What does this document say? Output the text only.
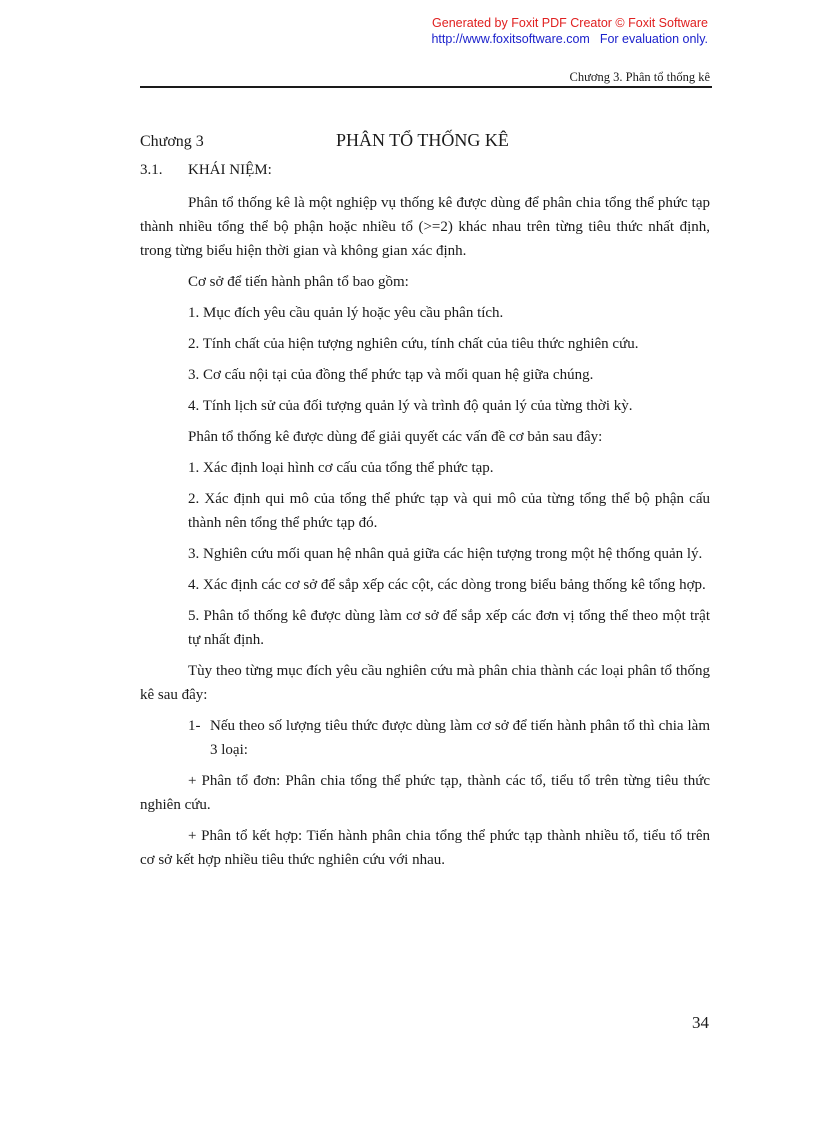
Generated by Foxit PDF Creator © Foxit Software
http://www.foxitsoftware.com For evaluation only.
Chương 3. Phân tổ thống kê
Chương 3	PHÂN TỔ THỐNG KÊ
3.1.	KHÁI NIỆM:

Phân tổ thống kê là một nghiệp vụ thống kê được dùng để phân chia tổng thể phức tạp thành nhiều tổng thể bộ phận hoặc nhiều tổ (>=2) khác nhau trên từng tiêu thức nhất định, trong từng biểu hiện thời gian và không gian xác định.

Cơ sở để tiến hành phân tổ bao gồm:

1. Mục đích yêu cầu quản lý hoặc yêu cầu phân tích.

2. Tính chất của hiện tượng nghiên cứu, tính chất của tiêu thức nghiên cứu.

3. Cơ cấu nội tại của đồng thể phức tạp và mối quan hệ giữa chúng.

4. Tính lịch sử của đối tượng quản lý và trình độ quản lý của từng thời kỳ.

Phân tổ thống kê được dùng để giải quyết các vấn đề cơ bản sau đây:

1. Xác định loại hình cơ cấu của tổng thể phức tạp.

2. Xác định qui mô của tổng thể phức tạp và qui mô của từng tổng thể bộ phận cấu thành nên tổng thể phức tạp đó.

3. Nghiên cứu mối quan hệ nhân quả giữa các hiện tượng trong một hệ thống quản lý.

4. Xác định các cơ sở để sắp xếp các cột, các dòng trong biểu bảng thống kê tổng hợp.

5. Phân tổ thống kê được dùng làm cơ sở để sắp xếp các đơn vị tổng thể theo một trật tự nhất định.

Tùy theo từng mục đích yêu cầu nghiên cứu mà phân chia thành các loại phân tổ thống kê sau đây:

1- Nếu theo số lượng tiêu thức được dùng làm cơ sở để tiến hành phân tổ thì chia làm 3 loại:

+ Phân tổ đơn: Phân chia tổng thể phức tạp, thành các tổ, tiểu tổ trên từng tiêu thức nghiên cứu.

+ Phân tổ kết hợp: Tiến hành phân chia tổng thể phức tạp thành nhiều tổ, tiểu tổ trên cơ sở kết hợp nhiều tiêu thức nghiên cứu với nhau.

34
